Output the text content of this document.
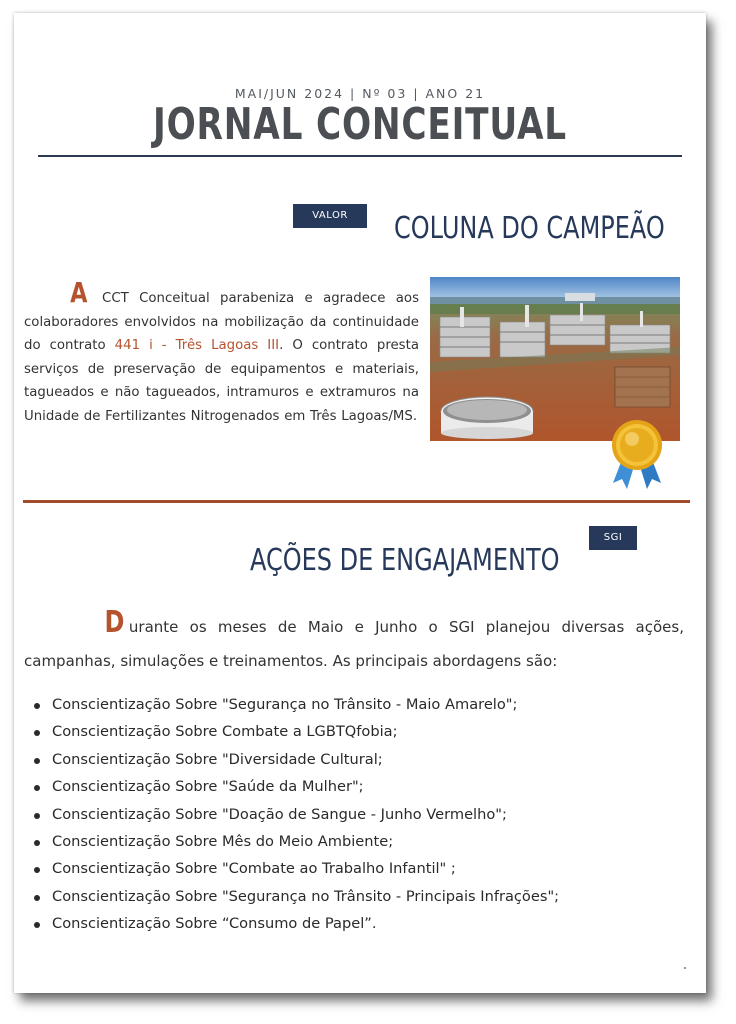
MAI/JUN 2024 | Nº 03 | ANO 21
JORNAL CONCEITUAL
VALOR	COLUNA DO CAMPEÃO

A CCT Conceitual parabeniza e agradece aos colaboradores envolvidos na mobilização da continuidade do contrato 441 i - Três Lagoas III. O contrato presta serviços de preservação de equipamentos e materiais, tagueados e não tagueados, intramuros e extramuros na Unidade de Fertilizantes Nitrogenados em Três Lagoas/MS.

SGI
AÇÕES DE ENGAJAMENTO

Durante os meses de Maio e Junho o SGI planejou diversas ações, campanhas, simulações e treinamentos. As principais abordagens são:

Conscientização Sobre "Segurança no Trânsito - Maio Amarelo";
Conscientização Sobre Combate a LGBTQfobia;
Conscientização Sobre "Diversidade Cultural;
Conscientização Sobre "Saúde da Mulher";
Conscientização Sobre "Doação de Sangue - Junho Vermelho";
Conscientização Sobre Mês do Meio Ambiente;
Conscientização Sobre "Combate ao Trabalho Infantil" ;
Conscientização Sobre "Segurança no Trânsito - Principais Infrações";
Conscientização Sobre “Consumo de Papel”.
